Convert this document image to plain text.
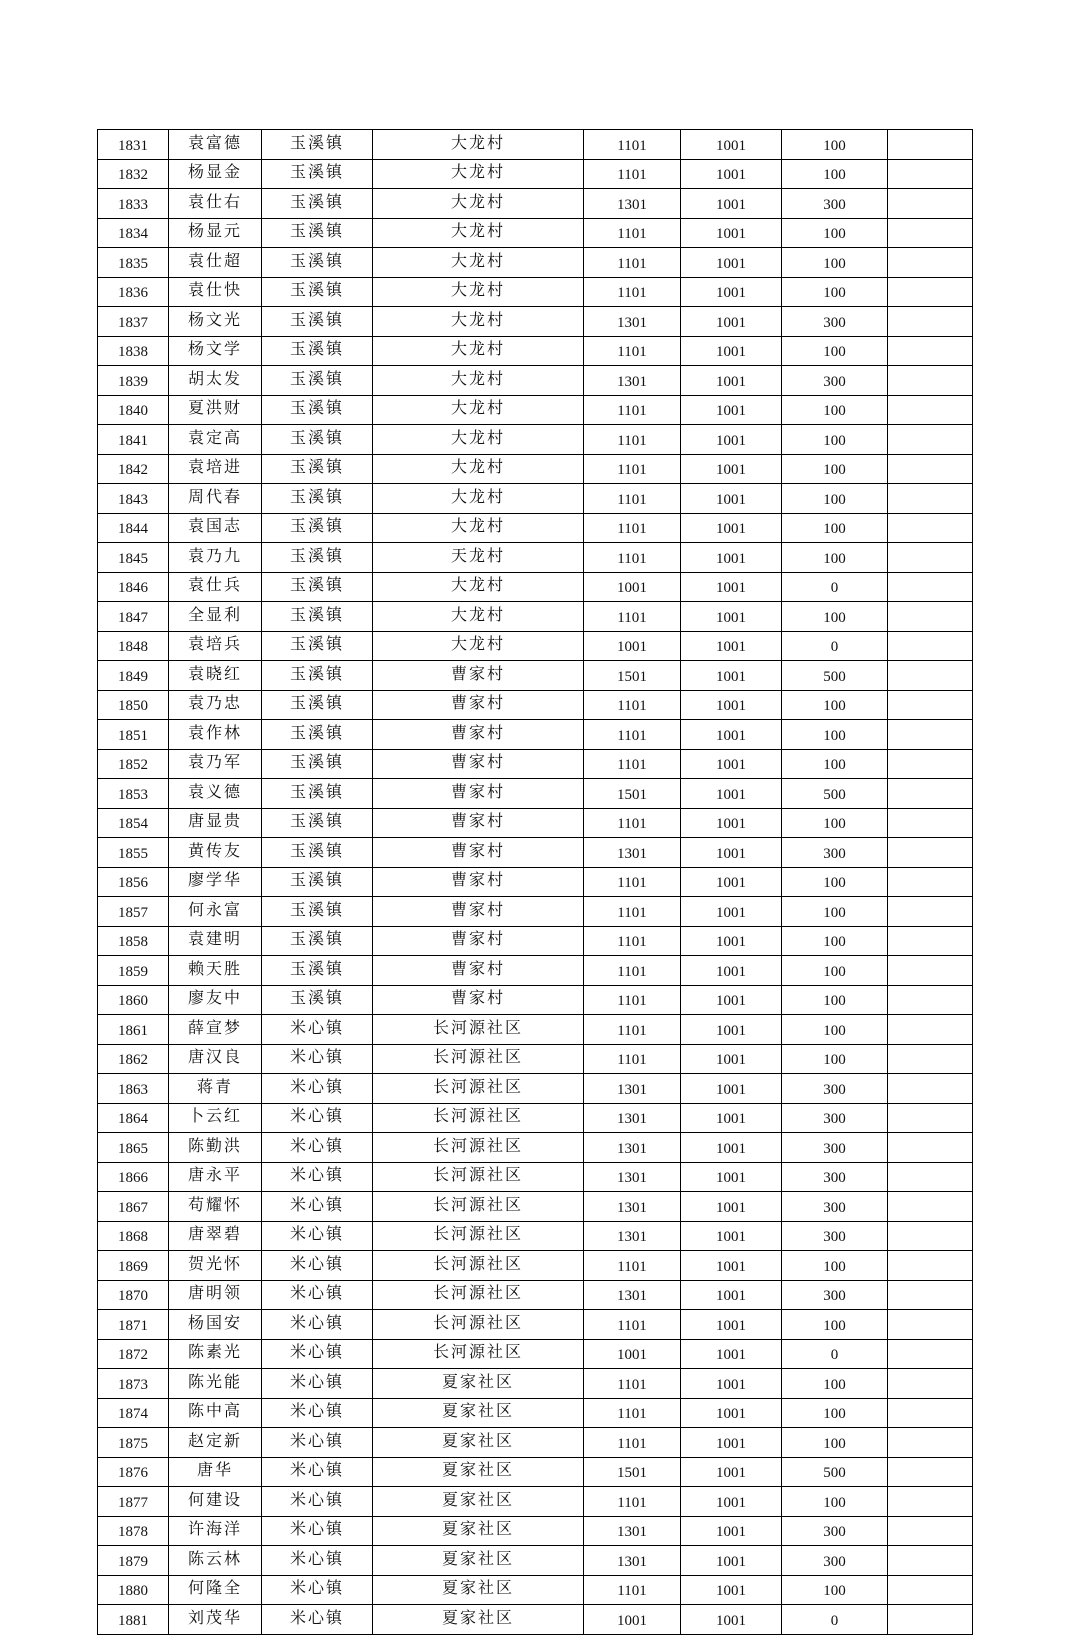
1831	袁富德	玉溪镇	大龙村	1101	1001	100	
1832	杨显金	玉溪镇	大龙村	1101	1001	100	
1833	袁仕右	玉溪镇	大龙村	1301	1001	300	
1834	杨显元	玉溪镇	大龙村	1101	1001	100	
1835	袁仕超	玉溪镇	大龙村	1101	1001	100	
1836	袁仕快	玉溪镇	大龙村	1101	1001	100	
1837	杨文光	玉溪镇	大龙村	1301	1001	300	
1838	杨文学	玉溪镇	大龙村	1101	1001	100	
1839	胡太发	玉溪镇	大龙村	1301	1001	300	
1840	夏洪财	玉溪镇	大龙村	1101	1001	100	
1841	袁定高	玉溪镇	大龙村	1101	1001	100	
1842	袁培进	玉溪镇	大龙村	1101	1001	100	
1843	周代春	玉溪镇	大龙村	1101	1001	100	
1844	袁国志	玉溪镇	大龙村	1101	1001	100	
1845	袁乃九	玉溪镇	天龙村	1101	1001	100	
1846	袁仕兵	玉溪镇	大龙村	1001	1001	0	
1847	全显利	玉溪镇	大龙村	1101	1001	100	
1848	袁培兵	玉溪镇	大龙村	1001	1001	0	
1849	袁晓红	玉溪镇	曹家村	1501	1001	500	
1850	袁乃忠	玉溪镇	曹家村	1101	1001	100	
1851	袁作林	玉溪镇	曹家村	1101	1001	100	
1852	袁乃军	玉溪镇	曹家村	1101	1001	100	
1853	袁义德	玉溪镇	曹家村	1501	1001	500	
1854	唐显贵	玉溪镇	曹家村	1101	1001	100	
1855	黄传友	玉溪镇	曹家村	1301	1001	300	
1856	廖学华	玉溪镇	曹家村	1101	1001	100	
1857	何永富	玉溪镇	曹家村	1101	1001	100	
1858	袁建明	玉溪镇	曹家村	1101	1001	100	
1859	赖天胜	玉溪镇	曹家村	1101	1001	100	
1860	廖友中	玉溪镇	曹家村	1101	1001	100	
1861	薛宣梦	米心镇	长河源社区	1101	1001	100	
1862	唐汉良	米心镇	长河源社区	1101	1001	100	
1863	蒋青	米心镇	长河源社区	1301	1001	300	
1864	卜云红	米心镇	长河源社区	1301	1001	300	
1865	陈勤洪	米心镇	长河源社区	1301	1001	300	
1866	唐永平	米心镇	长河源社区	1301	1001	300	
1867	苟耀怀	米心镇	长河源社区	1301	1001	300	
1868	唐翠碧	米心镇	长河源社区	1301	1001	300	
1869	贺光怀	米心镇	长河源社区	1101	1001	100	
1870	唐明领	米心镇	长河源社区	1301	1001	300	
1871	杨国安	米心镇	长河源社区	1101	1001	100	
1872	陈素光	米心镇	长河源社区	1001	1001	0	
1873	陈光能	米心镇	夏家社区	1101	1001	100	
1874	陈中高	米心镇	夏家社区	1101	1001	100	
1875	赵定新	米心镇	夏家社区	1101	1001	100	
1876	唐华	米心镇	夏家社区	1501	1001	500	
1877	何建设	米心镇	夏家社区	1101	1001	100	
1878	许海洋	米心镇	夏家社区	1301	1001	300	
1879	陈云林	米心镇	夏家社区	1301	1001	300	
1880	何隆全	米心镇	夏家社区	1101	1001	100	
1881	刘茂华	米心镇	夏家社区	1001	1001	0	
